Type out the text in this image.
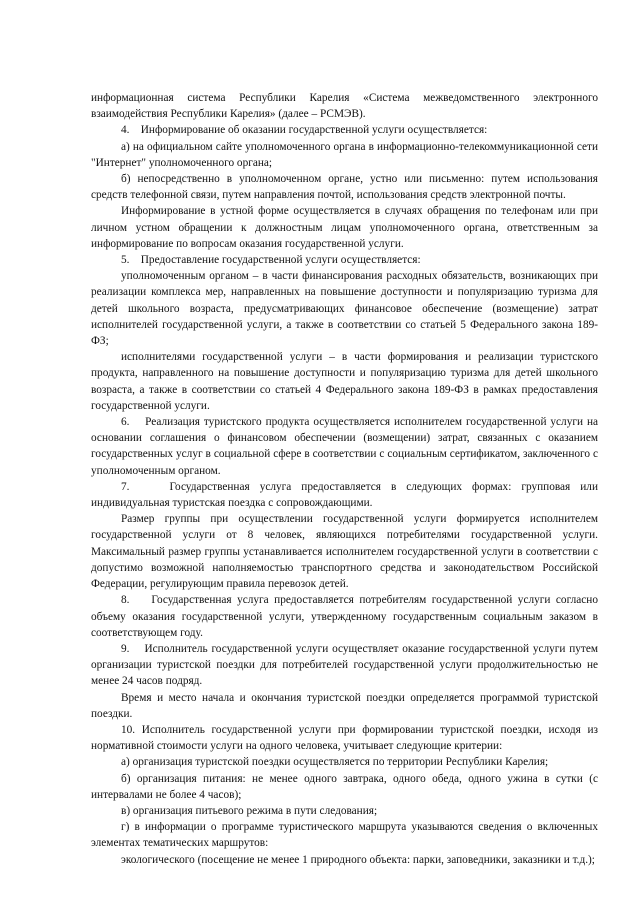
информационная система Республики Карелия «Система межведомственного электронного взаимодействия Республики Карелия» (далее – РСМЭВ).

4.    Информирование об оказании государственной услуги осуществляется:

а) на официальном сайте уполномоченного органа в информационно-телекоммуникационной сети "Интернет" уполномоченного органа;

б) непосредственно в уполномоченном органе, устно или письменно: путем использования средств телефонной связи, путем направления почтой, использования средств электронной почты.

Информирование в устной форме осуществляется в случаях обращения по телефонам или при личном устном обращении к должностным лицам уполномоченного органа, ответственным за информирование по вопросам оказания государственной услуги.

5.    Предоставление государственной услуги осуществляется:

уполномоченным органом – в части финансирования расходных обязательств, возникающих при реализации комплекса мер, направленных на повышение доступности и популяризацию туризма для детей школьного возраста, предусматривающих финансовое обеспечение (возмещение) затрат исполнителей государственной услуги, а также в соответствии со статьей 5 Федерального закона 189-ФЗ;

исполнителями государственной услуги – в части формирования и реализации туристского продукта, направленного на повышение доступности и популяризацию туризма для детей школьного возраста, а также в соответствии со статьей 4 Федерального закона 189-ФЗ в рамках предоставления государственной услуги.

6.    Реализация туристского продукта осуществляется исполнителем государственной услуги на основании соглашения о финансовом обеспечении (возмещении) затрат, связанных с оказанием государственных услуг в социальной сфере в соответствии с социальным сертификатом, заключенного с уполномоченным органом.

7.    Государственная услуга предоставляется в следующих формах: групповая или индивидуальная туристская поездка с сопровождающими.

Размер группы при осуществлении государственной услуги формируется исполнителем государственной услуги от 8 человек, являющихся потребителями государственной услуги. Максимальный размер группы устанавливается исполнителем государственной услуги в соответствии с допустимо возможной наполняемостью транспортного средства и законодательством Российской Федерации, регулирующим правила перевозок детей.

8.    Государственная услуга предоставляется потребителям государственной услуги согласно объему оказания государственной услуги, утвержденному государственным социальным заказом в соответствующем году.

9.    Исполнитель государственной услуги осуществляет оказание государственной услуги путем организации туристской поездки для потребителей государственной услуги продолжительностью не менее 24 часов подряд.

Время и место начала и окончания туристской поездки определяется программой туристской поездки.

10. Исполнитель государственной услуги при формировании туристской поездки, исходя из нормативной стоимости услуги на одного человека, учитывает следующие критерии:

а) организация туристской поездки осуществляется по территории Республики Карелия;

б) организация питания: не менее одного завтрака, одного обеда, одного ужина в сутки (с интервалами не более 4 часов);

в) организация питьевого режима в пути следования;

г) в информации о программе туристического маршрута указываются сведения о включенных элементах тематических маршрутов:

экологического (посещение не менее 1 природного объекта: парки, заповедники, заказники и т.д.);
